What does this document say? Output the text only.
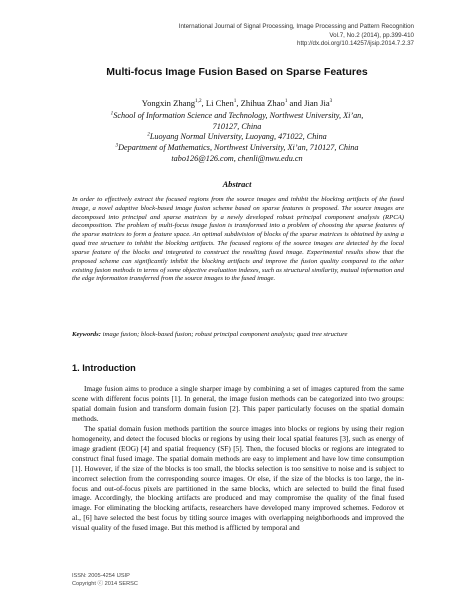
International Journal of Signal Processing, Image Processing and Pattern Recognition
Vol.7, No.2 (2014), pp.399-410
http://dx.doi.org/10.14257/ijsip.2014.7.2.37
Multi-focus Image Fusion Based on Sparse Features
Yongxin Zhang$^{1,2}$, Li Chen$^1$, Zhihua Zhao$^1$ and Jian Jia$^3$

$^1$School of Information Science and Technology, Northwest University, Xi’an,

710127, China

$^2$Luoyang Normal University, Luoyang, 471022, China

$^3$Department of Mathematics, Northwest University, Xi’an, 710127, China

tabo126@126.com, chenli@nwu.edu.cn

Abstract

In order to effectively extract the focused regions from the source images and inhibit the blocking artifacts of the fused image, a novel adaptive block-based image fusion scheme based on sparse features is proposed. The source images are decomposed into principal and sparse matrices by a newly developed robust principal component analysis (RPCA) decomposition. The problem of multi-focus image fusion is transformed into a problem of choosing the sparse features of the sparse matrices to form a feature space. An optimal subdivision of blocks of the sparse matrices is obtained by using a quad tree structure to inhibit the blocking artifacts. The focused regions of the source images are detected by the local sparse feature of the blocks and integrated to construct the resulting fused image. Experimental results show that the proposed scheme can significantly inhibit the blocking artifacts and improve the fusion quality compared to the other existing fusion methods in terms of some objective evaluation indexes, such as structural similarity, mutual information and the edge information transferred from the source images to the fused image.

Keywords: image fusion; block-based fusion; robust principal component analysis; quad tree structure

1. Introduction

Image fusion aims to produce a single sharper image by combining a set of images captured from the same scene with different focus points [1]. In general, the image fusion methods can be categorized into two groups: spatial domain fusion and transform domain fusion [2]. This paper particularly focuses on the spatial domain methods.

The spatial domain fusion methods partition the source images into blocks or regions by using their region homogeneity, and detect the focused blocks or regions by using their local spatial features [3], such as energy of image gradient (EOG) [4] and spatial frequency (SF) [5]. Then, the focused blocks or regions are integrated to construct final fused image. The spatial domain methods are easy to implement and have low time consumption [1]. However, if the size of the blocks is too small, the blocks selection is too sensitive to noise and is subject to incorrect selection from the corresponding source images. Or else, if the size of the blocks is too large, the in-focus and out-of-focus pixels are partitioned in the same blocks, which are selected to build the final fused image. Accordingly, the blocking artifacts are produced and may compromise the quality of the final fused image. For eliminating the blocking artifacts, researchers have developed many improved schemes. Fedorov et al., [6] have selected the best focus by titling source images with overlapping neighborhoods and improved the visual quality of the fused image. But this method is afflicted by temporal and

ISSN: 2005-4254 IJSIP
Copyright ⓒ 2014 SERSC
